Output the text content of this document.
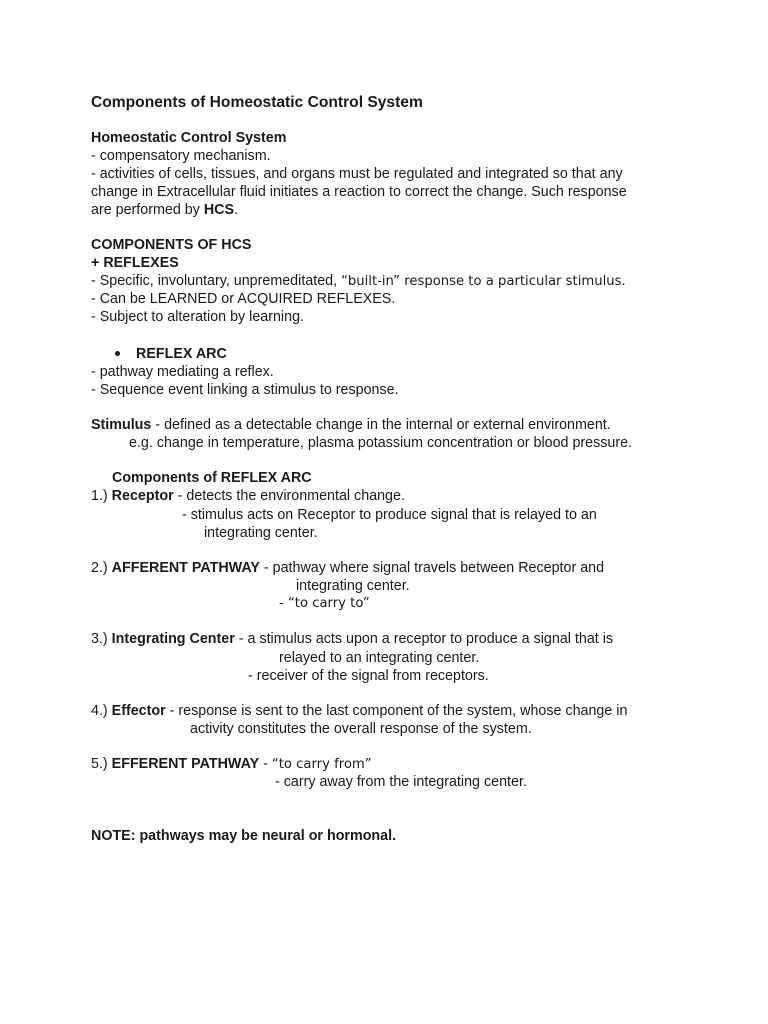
Components of Homeostatic Control System
Homeostatic Control System
- compensatory mechanism.
- activities of cells, tissues, and organs must be regulated and integrated so that any
change in Extracellular fluid initiates a reaction to correct the change. Such response
are performed by HCS.
COMPONENTS OF HCS
+ REFLEXES
- Specific, involuntary, unpremeditated, “built-in” response to a particular stimulus.
- Can be LEARNED or ACQUIRED REFLEXES.
- Subject to alteration by learning.
REFLEX ARC
- pathway mediating a reflex.
- Sequence event linking a stimulus to response.
Stimulus - defined as a detectable change in the internal or external environment.
e.g. change in temperature, plasma potassium concentration or blood pressure.
Components of REFLEX ARC
1.) Receptor - detects the environmental change.
- stimulus acts on Receptor to produce signal that is relayed to an
integrating center.
2.) AFFERENT PATHWAY - pathway where signal travels between Receptor and
integrating center.
- “to carry to”
3.) Integrating Center - a stimulus acts upon a receptor to produce a signal that is
relayed to an integrating center.
- receiver of the signal from receptors.
4.) Effector - response is sent to the last component of the system, whose change in
activity constitutes the overall response of the system.
5.) EFFERENT PATHWAY - “to carry from”
- carry away from the integrating center.
NOTE: pathways may be neural or hormonal.
